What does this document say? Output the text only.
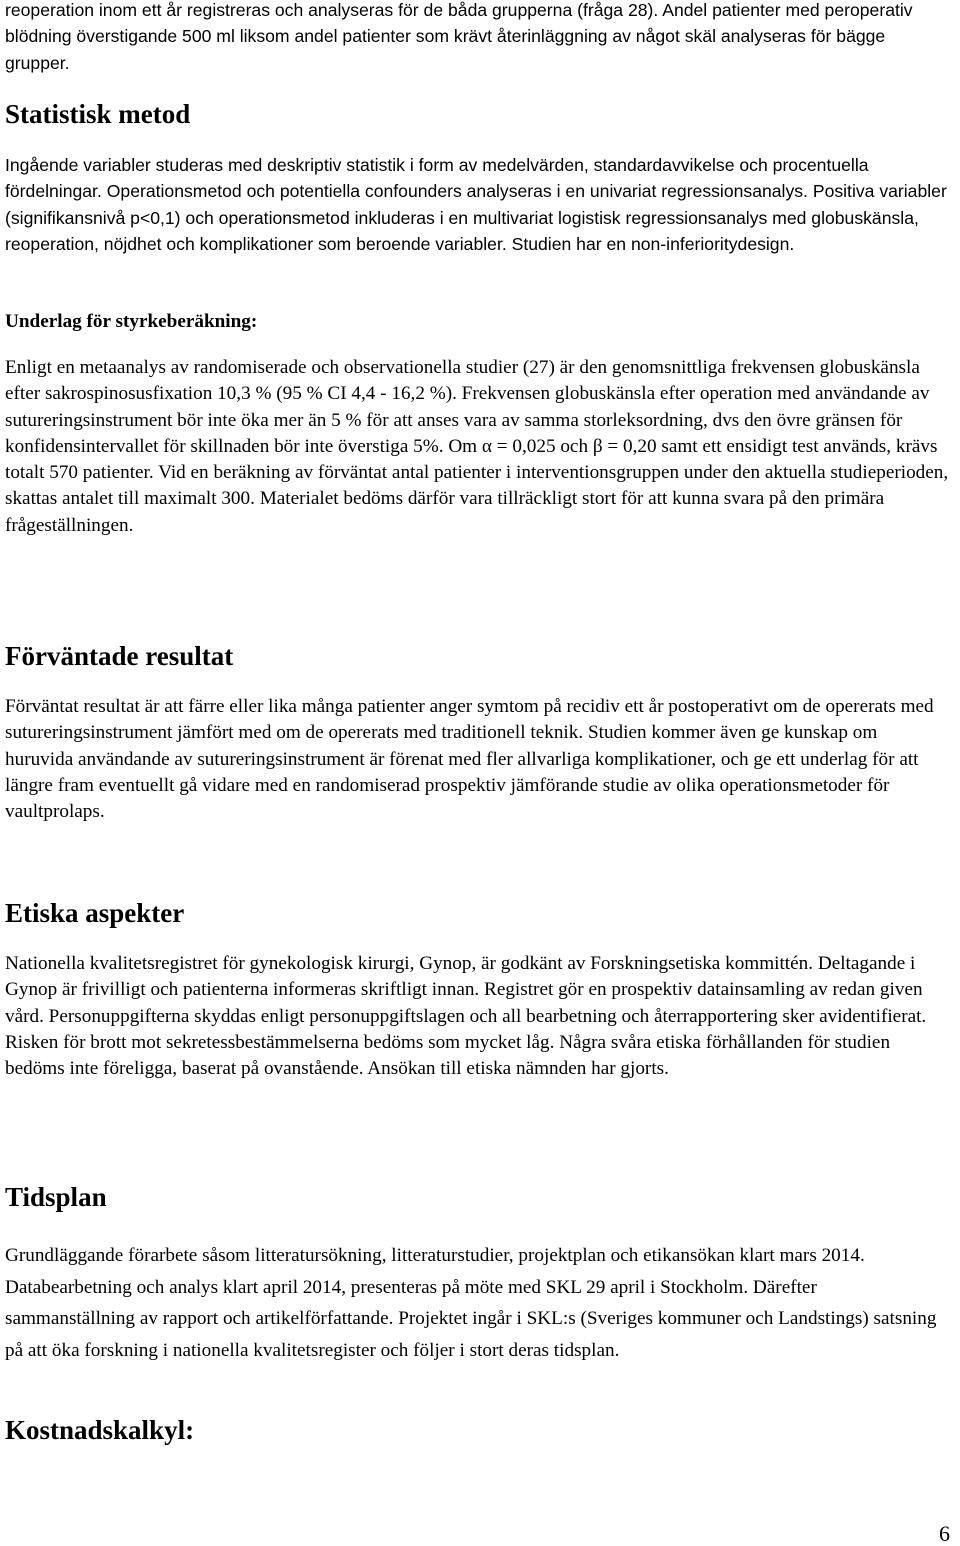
reoperation inom ett år registreras och analyseras för de båda grupperna (fråga 28). Andel patienter med peroperativ blödning överstigande 500 ml liksom andel patienter som krävt återinläggning av något skäl analyseras för bägge grupper.

Statistisk metod

Ingående variabler studeras med deskriptiv statistik i form av medelvärden, standardavvikelse och procentuella fördelningar. Operationsmetod och potentiella confounders analyseras i en univariat regressionsanalys. Positiva variabler (signifikansnivå p<0,1) och operationsmetod inkluderas i en multivariat logistisk regressionsanalys med globuskänsla, reoperation, nöjdhet och komplikationer som beroende variabler. Studien har en non-inferioritydesign.

Underlag för styrkeberäkning:

Enligt en metaanalys av randomiserade och observationella studier (27) är den genomsnittliga frekvensen globuskänsla efter sakrospinosusfixation 10,3 % (95 % CI 4,4 - 16,2 %). Frekvensen globuskänsla efter operation med användande av sutureringsinstrument bör inte öka mer än 5 % för att anses vara av samma storleksordning, dvs den övre gränsen för konfidensintervallet för skillnaden bör inte överstiga 5%. Om α = 0,025 och β = 0,20 samt ett ensidigt test används, krävs totalt 570 patienter. Vid en beräkning av förväntat antal patienter i interventionsgruppen under den aktuella studieperioden, skattas antalet till maximalt 300. Materialet bedöms därför vara tillräckligt stort för att kunna svara på den primära frågeställningen.

Förväntade resultat

Förväntat resultat är att färre eller lika många patienter anger symtom på recidiv ett år postoperativt om de opererats med sutureringsinstrument jämfört med om de opererats med traditionell teknik. Studien kommer även ge kunskap om huruvida användande av sutureringsinstrument är förenat med fler allvarliga komplikationer, och ge ett underlag för att längre fram eventuellt gå vidare med en randomiserad prospektiv jämförande studie av olika operationsmetoder för vaultprolaps.

Etiska aspekter

Nationella kvalitetsregistret för gynekologisk kirurgi, Gynop, är godkänt av Forskningsetiska kommittén. Deltagande i Gynop är frivilligt och patienterna informeras skriftligt innan. Registret gör en prospektiv datainsamling av redan given vård. Personuppgifterna skyddas enligt personuppgiftslagen och all bearbetning och återrapportering sker avidentifierat. Risken för brott mot sekretessbestämmelserna bedöms som mycket låg. Några svåra etiska förhållanden för studien bedöms inte föreligga, baserat på ovanstående. Ansökan till etiska nämnden har gjorts.

Tidsplan

Grundläggande förarbete såsom litteratursökning, litteraturstudier, projektplan och etikansökan klart mars 2014. Databearbetning och analys klart april 2014, presenteras på möte med SKL 29 april i Stockholm. Därefter sammanställning av rapport och artikelförfattande. Projektet ingår i SKL:s (Sveriges kommuner och Landstings) satsning på att öka forskning i nationella kvalitetsregister och följer i stort deras tidsplan.

Kostnadskalkyl:
6
